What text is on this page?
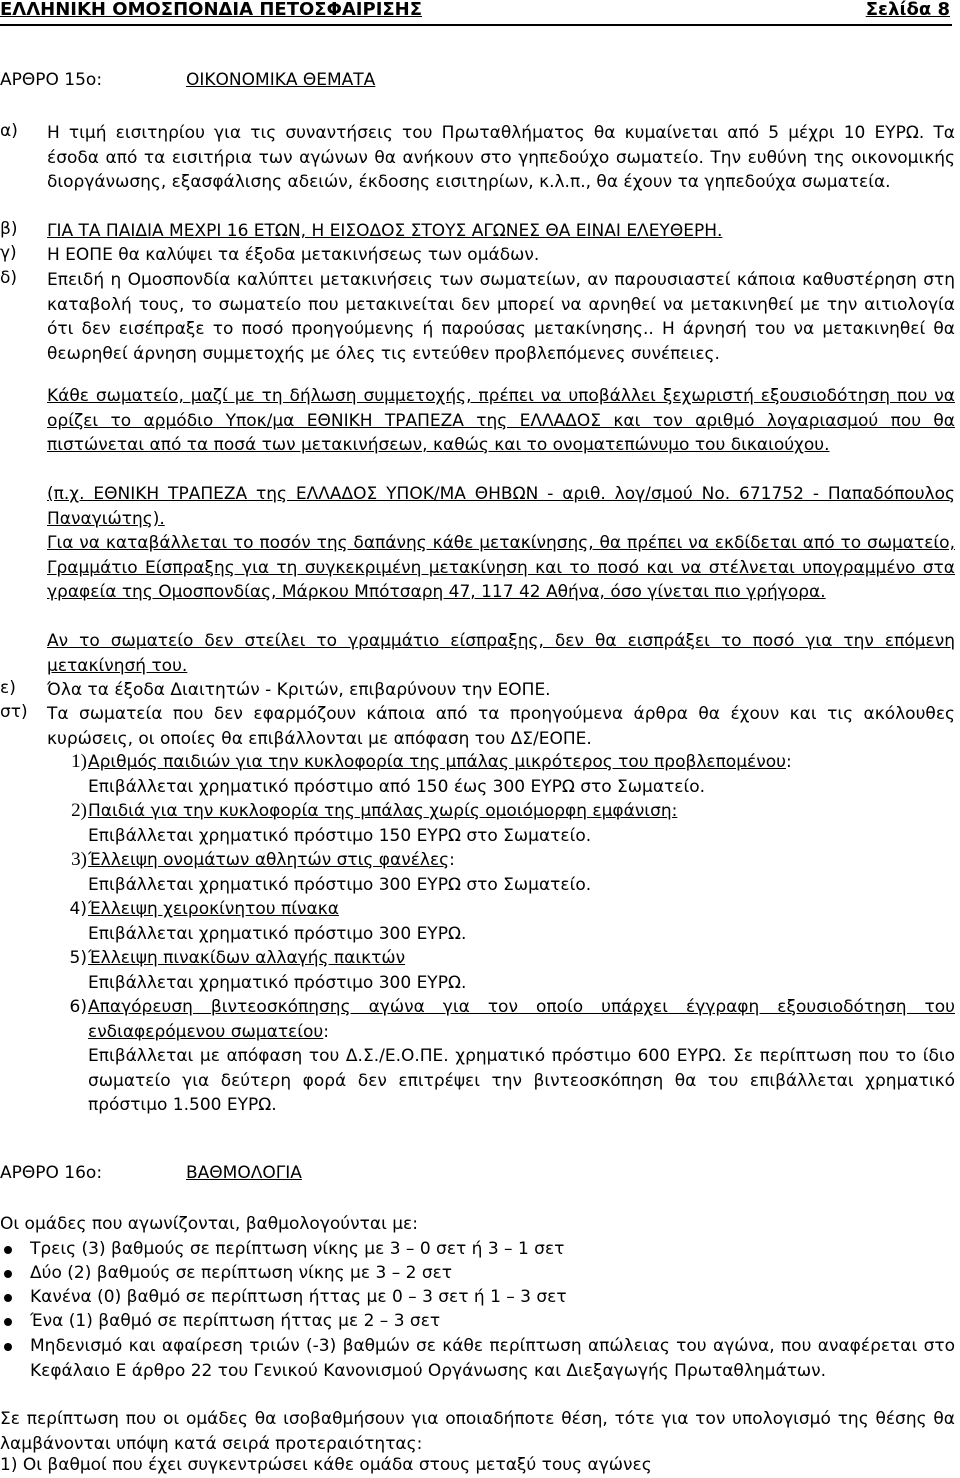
ΕΛΛΗΝΙΚΗ ΟΜΟΣΠΟΝΔΙΑ ΠΕΤΟΣΦΑΙΡΙΣΗΣ	Σελίδα 8
ΑΡΘΡΟ 15ο:	ΟΙΚΟΝΟΜΙΚΑ ΘΕΜΑΤΑ
α) Η τιμή εισιτηρίου για τις συναντήσεις του Πρωταθλήματος θα κυμαίνεται από 5 μέχρι 10 ΕΥΡΩ. Τα έσοδα από τα εισιτήρια των αγώνων θα ανήκουν στο γηπεδούχο σωματείο. Την ευθύνη της οικονομικής διοργάνωσης, εξασφάλισης αδειών, έκδοσης εισιτηρίων, κ.λ.π., θα έχουν τα γηπεδούχα σωματεία.
β) ΓΙΑ ΤΑ ΠΑΙΔΙΑ ΜΕΧΡΙ 16 ΕΤΩΝ, Η ΕΙΣΟΔΟΣ ΣΤΟΥΣ ΑΓΩΝΕΣ ΘΑ ΕΙΝΑΙ ΕΛΕΥΘΕΡΗ.
γ) Η ΕΟΠΕ θα καλύψει τα έξοδα μετακινήσεως των ομάδων.
δ) Επειδή η Ομοσπονδία καλύπτει μετακινήσεις των σωματείων, αν παρουσιαστεί κάποια καθυστέρηση στη καταβολή τους, το σωματείο που μετακινείται δεν μπορεί να αρνηθεί να μετακινηθεί με την αιτιολογία ότι δεν εισέπραξε το ποσό προηγούμενης ή παρούσας μετακίνησης.. Η άρνησή του να μετακινηθεί θα θεωρηθεί άρνηση συμμετοχής με όλες τις εντεύθεν προβλεπόμενες συνέπειες.
Κάθε σωματείο, μαζί με τη δήλωση συμμετοχής, πρέπει να υποβάλλει ξεχωριστή εξουσιοδότηση που να ορίζει το αρμόδιο Υποκ/μα ΕΘΝΙΚΗ ΤΡΑΠΕΖΑ της ΕΛΛΑΔΟΣ και τον αριθμό λογαριασμού που θα πιστώνεται από τα ποσά των μετακινήσεων, καθώς και το ονοματεπώνυμο του δικαιούχου.
(π.χ. ΕΘΝΙΚΗ ΤΡΑΠΕΖΑ της ΕΛΛΑΔΟΣ ΥΠΟΚ/ΜΑ ΘΗΒΩΝ - αριθ. λογ/σμού Νο. 671752 - Παπαδόπουλος Παναγιώτης).
Για να καταβάλλεται το ποσόν της δαπάνης κάθε μετακίνησης, θα πρέπει να εκδίδεται από το σωματείο, Γραμμάτιο Είσπραξης για τη συγκεκριμένη μετακίνηση και το ποσό και να στέλνεται υπογραμμένο στα γραφεία της Ομοσπονδίας, Μάρκου Μπότσαρη 47, 117 42 Αθήνα, όσο γίνεται πιο γρήγορα.
Αν το σωματείο δεν στείλει το γραμμάτιο είσπραξης, δεν θα εισπράξει το ποσό για την επόμενη μετακίνησή του.
ε) Όλα τα έξοδα Διαιτητών - Κριτών, επιβαρύνουν την ΕΟΠΕ.
στ) Τα σωματεία που δεν εφαρμόζουν κάποια από τα προηγούμενα άρθρα θα έχουν και τις ακόλουθες κυρώσεις, οι οποίες θα επιβάλλονται με απόφαση του ΔΣ/ΕΟΠΕ.
1) Αριθμός παιδιών για την κυκλοφορία της μπάλας μικρότερος του προβλεπομένου:
Επιβάλλεται χρηματικό πρόστιμο από 150 έως 300 ΕΥΡΩ στο Σωματείο.
2) Παιδιά για την κυκλοφορία της μπάλας χωρίς ομοιόμορφη εμφάνιση:
Επιβάλλεται χρηματικό πρόστιμο 150 ΕΥΡΩ στο Σωματείο.
3) Έλλειψη ονομάτων αθλητών στις φανέλες:
Επιβάλλεται χρηματικό πρόστιμο 300 ΕΥΡΩ στο Σωματείο.
4) Έλλειψη χειροκίνητου πίνακα
Επιβάλλεται χρηματικό πρόστιμο 300 ΕΥΡΩ.
5) Έλλειψη πινακίδων αλλαγής παικτών
Επιβάλλεται χρηματικό πρόστιμο 300 ΕΥΡΩ.
6) Απαγόρευση βιντεοσκόπησης αγώνα για τον οποίο υπάρχει έγγραφη εξουσιοδότηση του ενδιαφερόμενου σωματείου:
Επιβάλλεται με απόφαση του Δ.Σ./Ε.Ο.ΠΕ. χρηματικό πρόστιμο 600 ΕΥΡΩ. Σε περίπτωση που το ίδιο σωματείο για δεύτερη φορά δεν επιτρέψει την βιντεοσκόπηση θα του επιβάλλεται χρηματικό πρόστιμο 1.500 ΕΥΡΩ.
ΑΡΘΡΟ 16ο:	ΒΑΘΜΟΛΟΓΙΑ
Οι ομάδες που αγωνίζονται, βαθμολογούνται με:
Τρεις (3) βαθμούς σε περίπτωση νίκης με 3 – 0 σετ ή 3 – 1 σετ
Δύο (2) βαθμούς σε περίπτωση νίκης με 3 – 2 σετ
Κανένα (0) βαθμό σε περίπτωση ήττας με 0 – 3 σετ ή 1 – 3 σετ
Ένα (1) βαθμό σε περίπτωση ήττας με 2 – 3 σετ
Μηδενισμό και αφαίρεση τριών (-3) βαθμών σε κάθε περίπτωση απώλειας του αγώνα, που αναφέρεται στο Κεφάλαιο Ε άρθρο 22 του Γενικού Κανονισμού Οργάνωσης και Διεξαγωγής Πρωταθλημάτων.
Σε περίπτωση που οι ομάδες θα ισοβαθμήσουν για οποιαδήποτε θέση, τότε για τον υπολογισμό της θέσης θα λαμβάνονται υπόψη κατά σειρά προτεραιότητας:
1) Οι βαθμοί που έχει συγκεντρώσει κάθε ομάδα στους μεταξύ τους αγώνες
